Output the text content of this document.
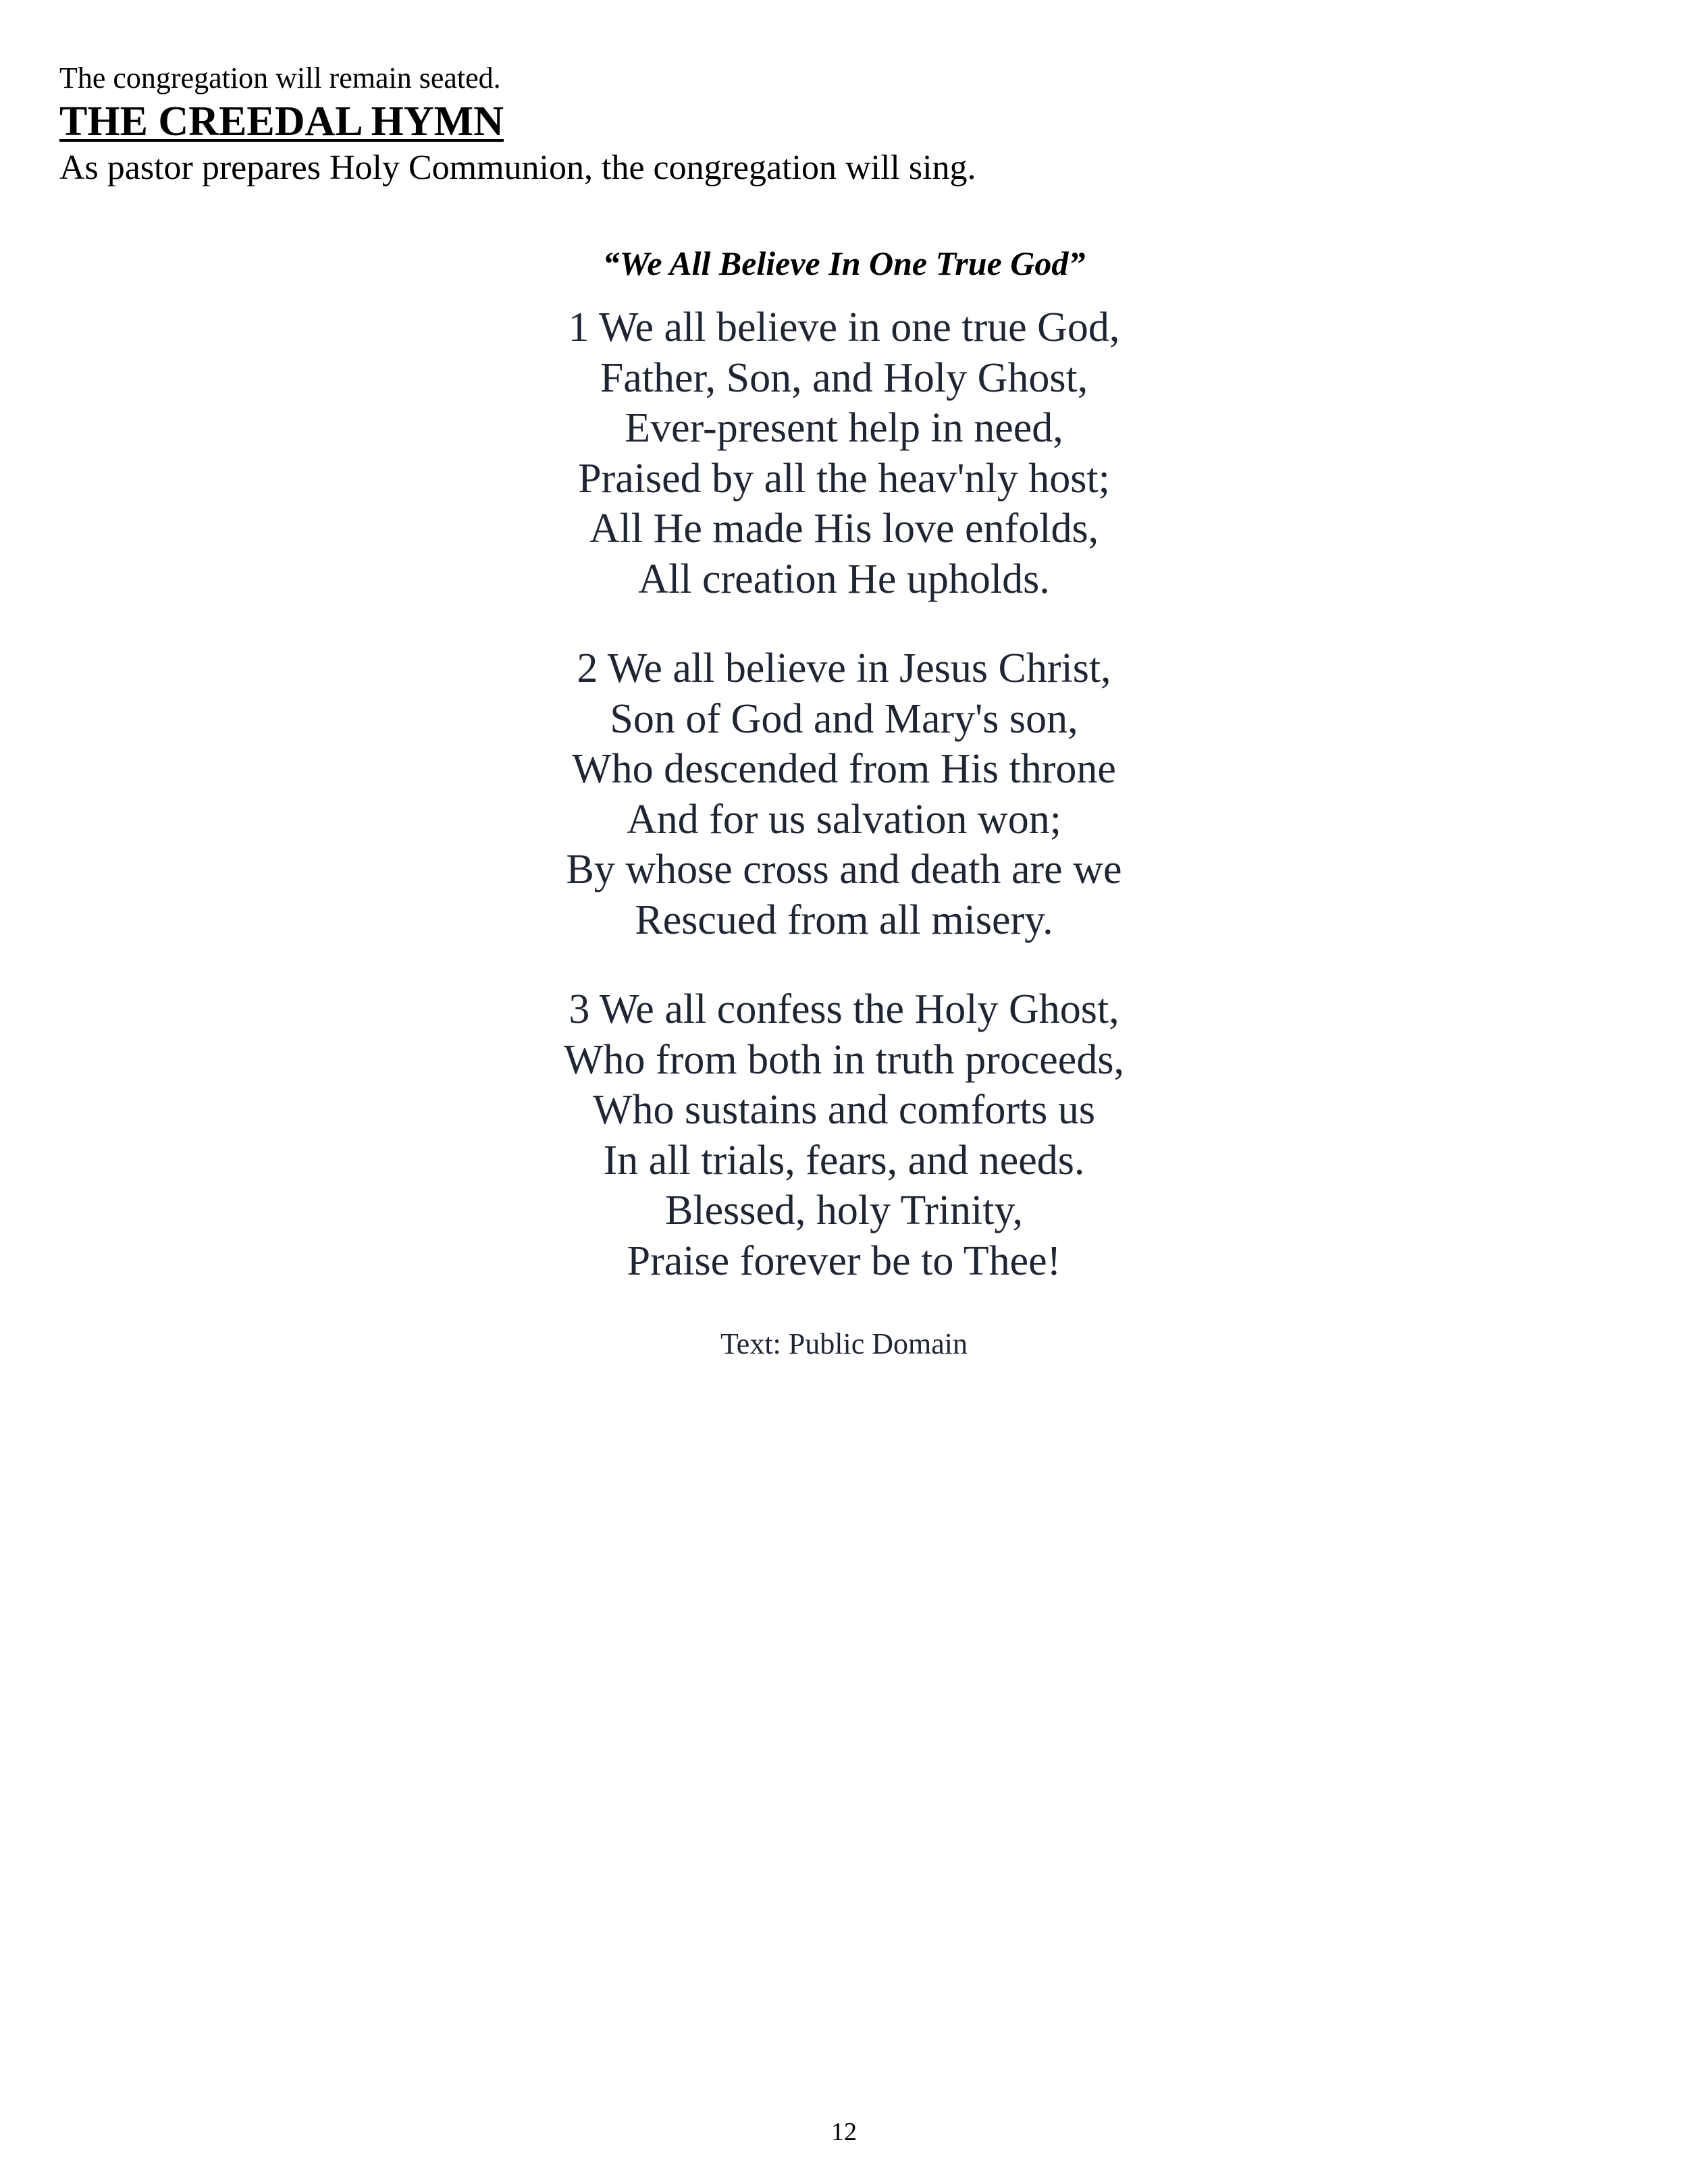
The congregation will remain seated.

THE CREEDAL HYMN

As pastor prepares Holy Communion, the congregation will sing.

“We All Believe In One True God”
1 We all believe in one true God,
Father, Son, and Holy Ghost,
Ever-present help in need,
Praised by all the heav'nly host;
All He made His love enfolds,
All creation He upholds.
2 We all believe in Jesus Christ,
Son of God and Mary's son,
Who descended from His throne
And for us salvation won;
By whose cross and death are we
Rescued from all misery.
3 We all confess the Holy Ghost,
Who from both in truth proceeds,
Who sustains and comforts us
In all trials, fears, and needs.
Blessed, holy Trinity,
Praise forever be to Thee!
Text: Public Domain
12
